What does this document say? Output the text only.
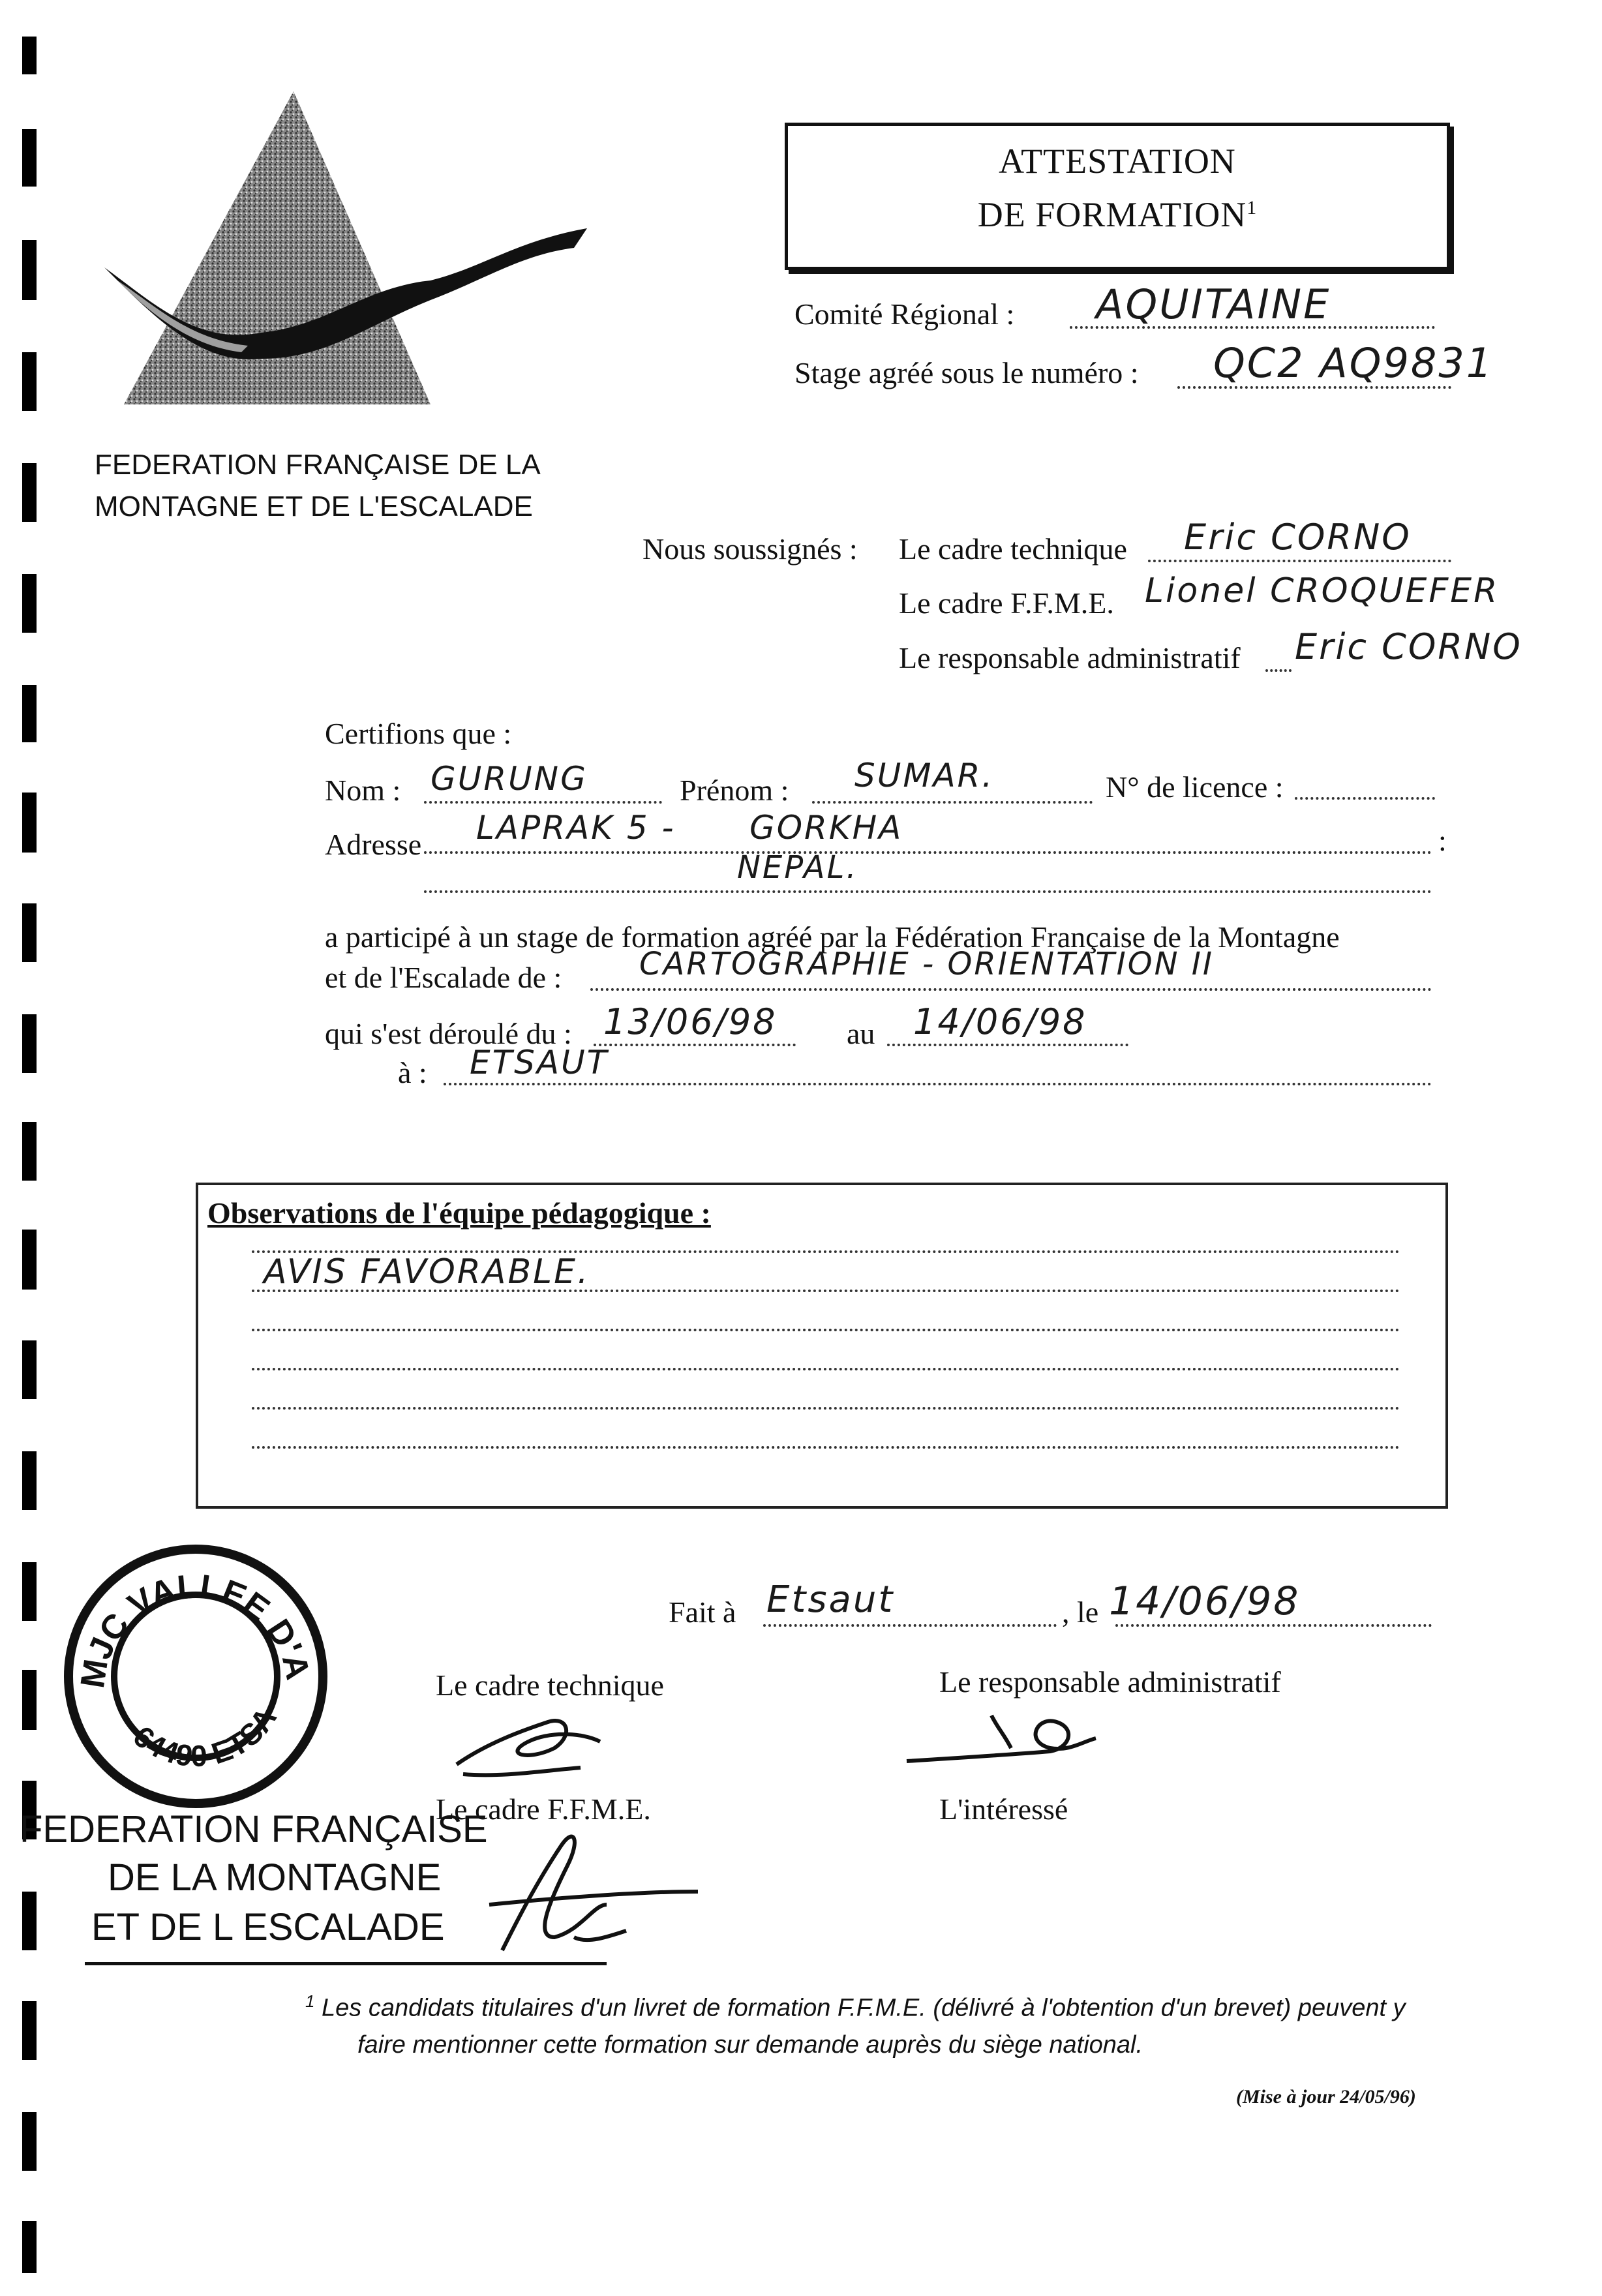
FEDERATION FRANÇAISE DE LA
MONTAGNE ET DE L'ESCALADE
ATTESTATION
DE FORMATION$^1$
Comité Régional : AQUITAINE
Stage agréé sous le numéro : QC2 AQ9831
Nous soussignés : Le cadre technique Eric CORNO
Le cadre F.F.M.E. Lionel CROQUEFER
Le responsable administratif Eric CORNO
Certifions que :
Nom : GURUNG	Prénom : SUMAR.	N° de licence :
Adresse	:
LAPRAK 5 -      GORKHA
NEPAL.
a participé à un stage de formation agréé par la Fédération Française de la Montagne
et de l'Escalade de : CARTOGRAPHIE - ORIENTATION II
qui s'est déroulé du : 13/06/98 au 14/06/98
à : ETSAUT
Observations de l'équipe pédagogique :
AVIS FAVORABLE.
MJC VALLEE D'A
64490 ETSA
Fait à Etsaut	, le 14/06/98
Le cadre technique	Le responsable administratif
Le cadre F.F.M.E.	L'intéressé
FEDERATION FRANÇAISE
DE LA MONTAGNE
ET DE L ESCALADE
$^1$ Les candidats titulaires d'un livret de formation F.F.M.E. (délivré à l'obtention d'un brevet) peuvent y
faire mentionner cette formation sur demande auprès du siège national.
(Mise à jour 24/05/96)
